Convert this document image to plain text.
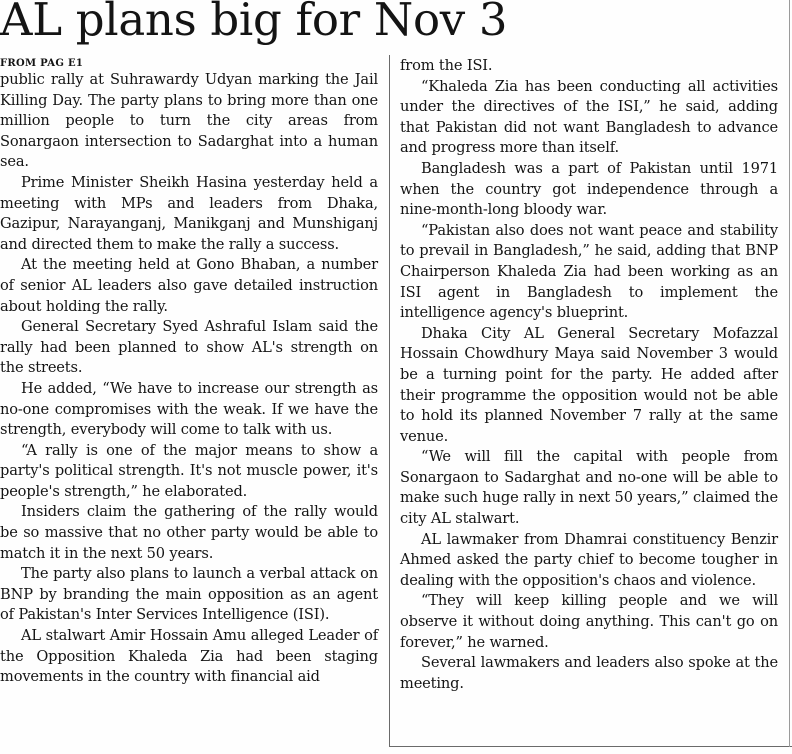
AL plans big for Nov 3

FROM PAG E1

public rally at Suhrawardy Udyan marking the Jail Killing Day. The party plans to bring more than one million people to turn the city areas from Sonargaon intersection to Sadarghat into a human sea.

Prime Minister Sheikh Hasina yesterday held a meeting with MPs and leaders from Dhaka, Gazipur, Narayanganj, Manikganj and Munshiganj and directed them to make the rally a success.

At the meeting held at Gono Bhaban, a number of senior AL leaders also gave detailed instruction about holding the rally.

General Secretary Syed Ashraful Islam said the rally had been planned to show AL's strength on the streets.

He added, “We have to increase our strength as no-one compromises with the weak. If we have the strength, everybody will come to talk with us.

“A rally is one of the major means to show a party's political strength. It's not muscle power, it's people's strength,” he elaborated.

Insiders claim the gathering of the rally would be so massive that no other party would be able to match it in the next 50 years.

The party also plans to launch a verbal attack on BNP by branding the main opposition as an agent of Pakistan's Inter Services Intelligence (ISI).

AL stalwart Amir Hossain Amu alleged Leader of the Opposition Khaleda Zia had been staging movements in the country with financial aid

from the ISI.

“Khaleda Zia has been conducting all activities under the directives of the ISI,” he said, adding that Pakistan did not want Bangladesh to advance and progress more than itself.

Bangladesh was a part of Pakistan until 1971 when the country got independence through a nine-month-long bloody war.

“Pakistan also does not want peace and stability to prevail in Bangladesh,” he said, adding that BNP Chairperson Khaleda Zia had been working as an ISI agent in Bangladesh to implement the intelligence agency's blueprint.

Dhaka City AL General Secretary Mofazzal Hossain Chowdhury Maya said November 3 would be a turning point for the party. He added after their programme the opposition would not be able to hold its planned November 7 rally at the same venue.

“We will fill the capital with people from Sonargaon to Sadarghat and no-one will be able to make such huge rally in next 50 years,” claimed the city AL stalwart.

AL lawmaker from Dhamrai constituency Benzir Ahmed asked the party chief to become tougher in dealing with the opposition's chaos and violence.

“They will keep killing people and we will observe it without doing anything. This can't go on forever,” he warned.

Several lawmakers and leaders also spoke at the meeting.
